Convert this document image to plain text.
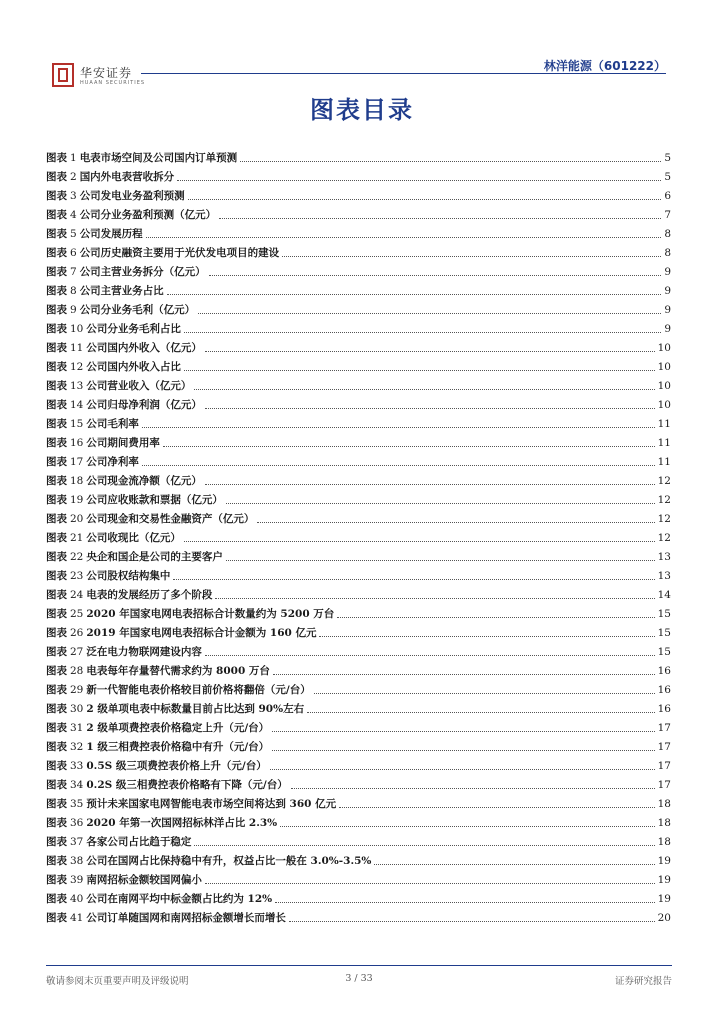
华安证券
HUAAN SECURITIES
林洋能源（601222）
图表目录
图表 1 电表市场空间及公司国内订单预测	5
图表 2 国内外电表营收拆分	5
图表 3 公司发电业务盈利预测	6
图表 4 公司分业务盈利预测（亿元）	7
图表 5 公司发展历程	8
图表 6 公司历史融资主要用于光伏发电项目的建设	8
图表 7 公司主营业务拆分（亿元）	9
图表 8 公司主营业务占比	9
图表 9 公司分业务毛利（亿元）	9
图表 10 公司分业务毛利占比	9
图表 11 公司国内外收入（亿元）	10
图表 12 公司国内外收入占比	10
图表 13 公司营业收入（亿元）	10
图表 14 公司归母净利润（亿元）	10
图表 15 公司毛利率	11
图表 16 公司期间费用率	11
图表 17 公司净利率	11
图表 18 公司现金流净额（亿元）	12
图表 19 公司应收账款和票据（亿元）	12
图表 20 公司现金和交易性金融资产（亿元）	12
图表 21 公司收现比（亿元）	12
图表 22 央企和国企是公司的主要客户	13
图表 23 公司股权结构集中	13
图表 24 电表的发展经历了多个阶段	14
图表 25 2020 年国家电网电表招标合计数量约为 5200 万台	15
图表 26 2019 年国家电网电表招标合计金额为 160 亿元	15
图表 27 泛在电力物联网建设内容	15
图表 28 电表每年存量替代需求约为 8000 万台	16
图表 29 新一代智能电表价格较目前价格将翻倍（元/台）	16
图表 30 2 级单项电表中标数量目前占比达到 90%左右	16
图表 31 2 级单项费控表价格稳定上升（元/台）	17
图表 32 1 级三相费控表价格稳中有升（元/台）	17
图表 33 0.5S 级三项费控表价格上升（元/台）	17
图表 34 0.2S 级三相费控表价格略有下降（元/台）	17
图表 35 预计未来国家电网智能电表市场空间将达到 360 亿元	18
图表 36 2020 年第一次国网招标林洋占比 2.3%	18
图表 37 各家公司占比趋于稳定	18
图表 38 公司在国网占比保持稳中有升，权益占比一般在 3.0%-3.5%	19
图表 39 南网招标金额较国网偏小	19
图表 40 公司在南网平均中标金额占比约为 12%	19
图表 41 公司订单随国网和南网招标金额增长而增长	20
敬请参阅末页重要声明及评级说明	3 / 33	证券研究报告
